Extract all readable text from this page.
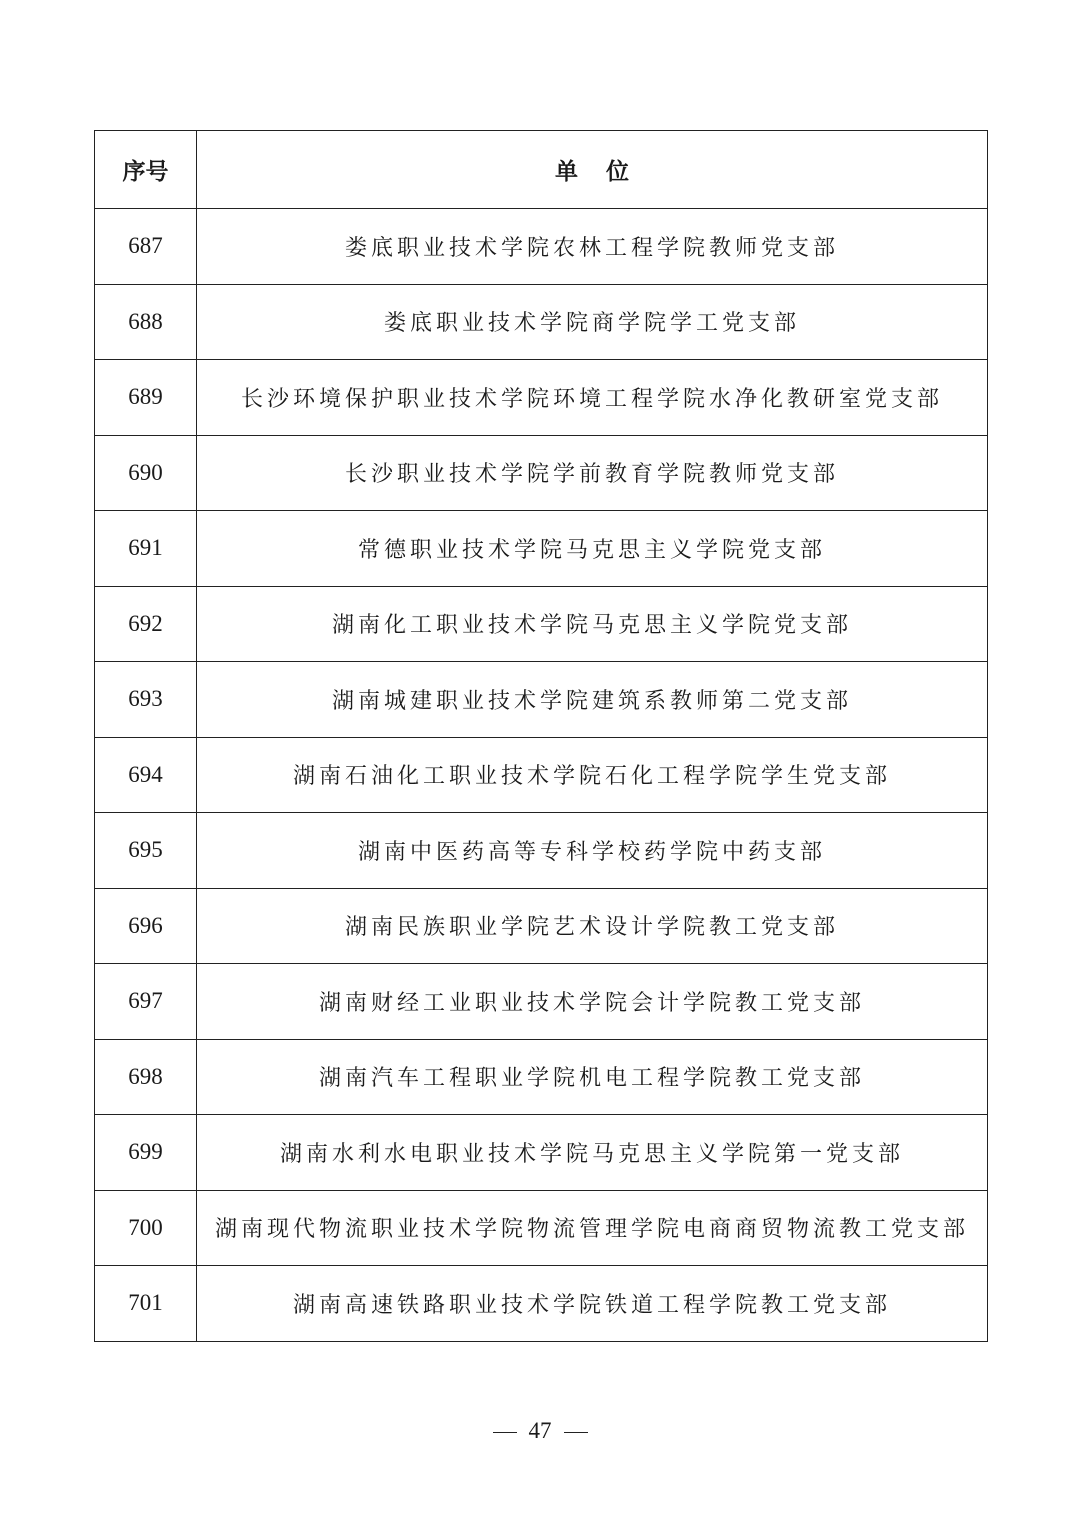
序号	单位
687	娄底职业技术学院农林工程学院教师党支部
688	娄底职业技术学院商学院学工党支部
689	长沙环境保护职业技术学院环境工程学院水净化教研室党支部
690	长沙职业技术学院学前教育学院教师党支部
691	常德职业技术学院马克思主义学院党支部
692	湖南化工职业技术学院马克思主义学院党支部
693	湖南城建职业技术学院建筑系教师第二党支部
694	湖南石油化工职业技术学院石化工程学院学生党支部
695	湖南中医药高等专科学校药学院中药支部
696	湖南民族职业学院艺术设计学院教工党支部
697	湖南财经工业职业技术学院会计学院教工党支部
698	湖南汽车工程职业学院机电工程学院教工党支部
699	湖南水利水电职业技术学院马克思主义学院第一党支部
700	湖南现代物流职业技术学院物流管理学院电商商贸物流教工党支部
701	湖南高速铁路职业技术学院铁道工程学院教工党支部
47
